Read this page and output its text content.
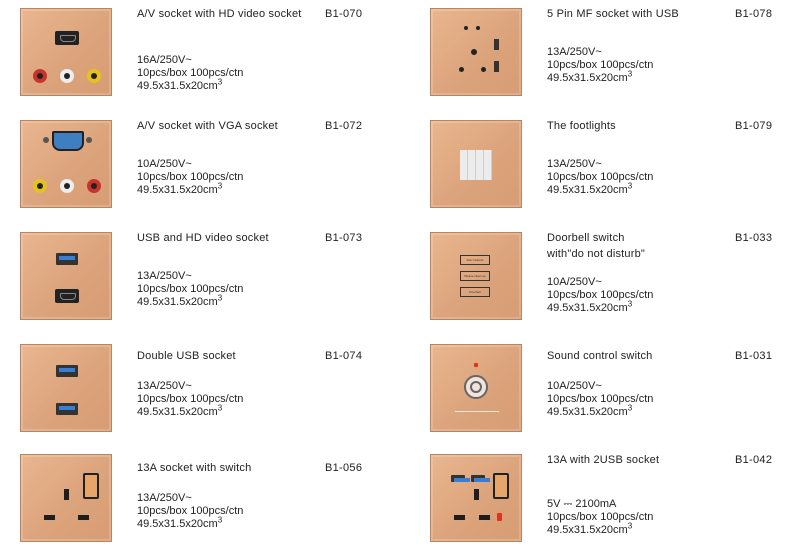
A/V socket with HD video socket B1-070
16A/250V~
10pcs/box 100pcs/ctn
$49.5x31.5x20cm^3$
5 Pin MF socket with USB	B1-078
13A/250V~
10pcs/box 100pcs/ctn
$49.5x31.5x20cm^3$
A/V socket with VGA socket	B1-072
10A/250V~
10pcs/box 100pcs/ctn
$49.5x31.5x20cm^3$
The footlights	B1-079
13A/250V~
10pcs/box 100pcs/ctn
$49.5x31.5x20cm^3$
USB and HD video socket	B1-073
13A/250V~
10pcs/box 100pcs/ctn
$49.5x31.5x20cm^3$
Don't disturb
Please clean up
Doorbell
Doorbell switch
with"do not disturb"
B1-033
10A/250V~
10pcs/box 100pcs/ctn
$49.5x31.5x20cm^3$
Double USB socket	B1-074
13A/250V~
10pcs/box 100pcs/ctn
$49.5x31.5x20cm^3$
Sound control switch	B1-031
10A/250V~
10pcs/box 100pcs/ctn
$49.5x31.5x20cm^3$
13A socket with switch	B1-056
13A/250V~
10pcs/box 100pcs/ctn
$49.5x31.5x20cm^3$
13A with 2USB socket	B1-042
5V ⎓ 2100mA
10pcs/box 100pcs/ctn
$49.5x31.5x20cm^3$
